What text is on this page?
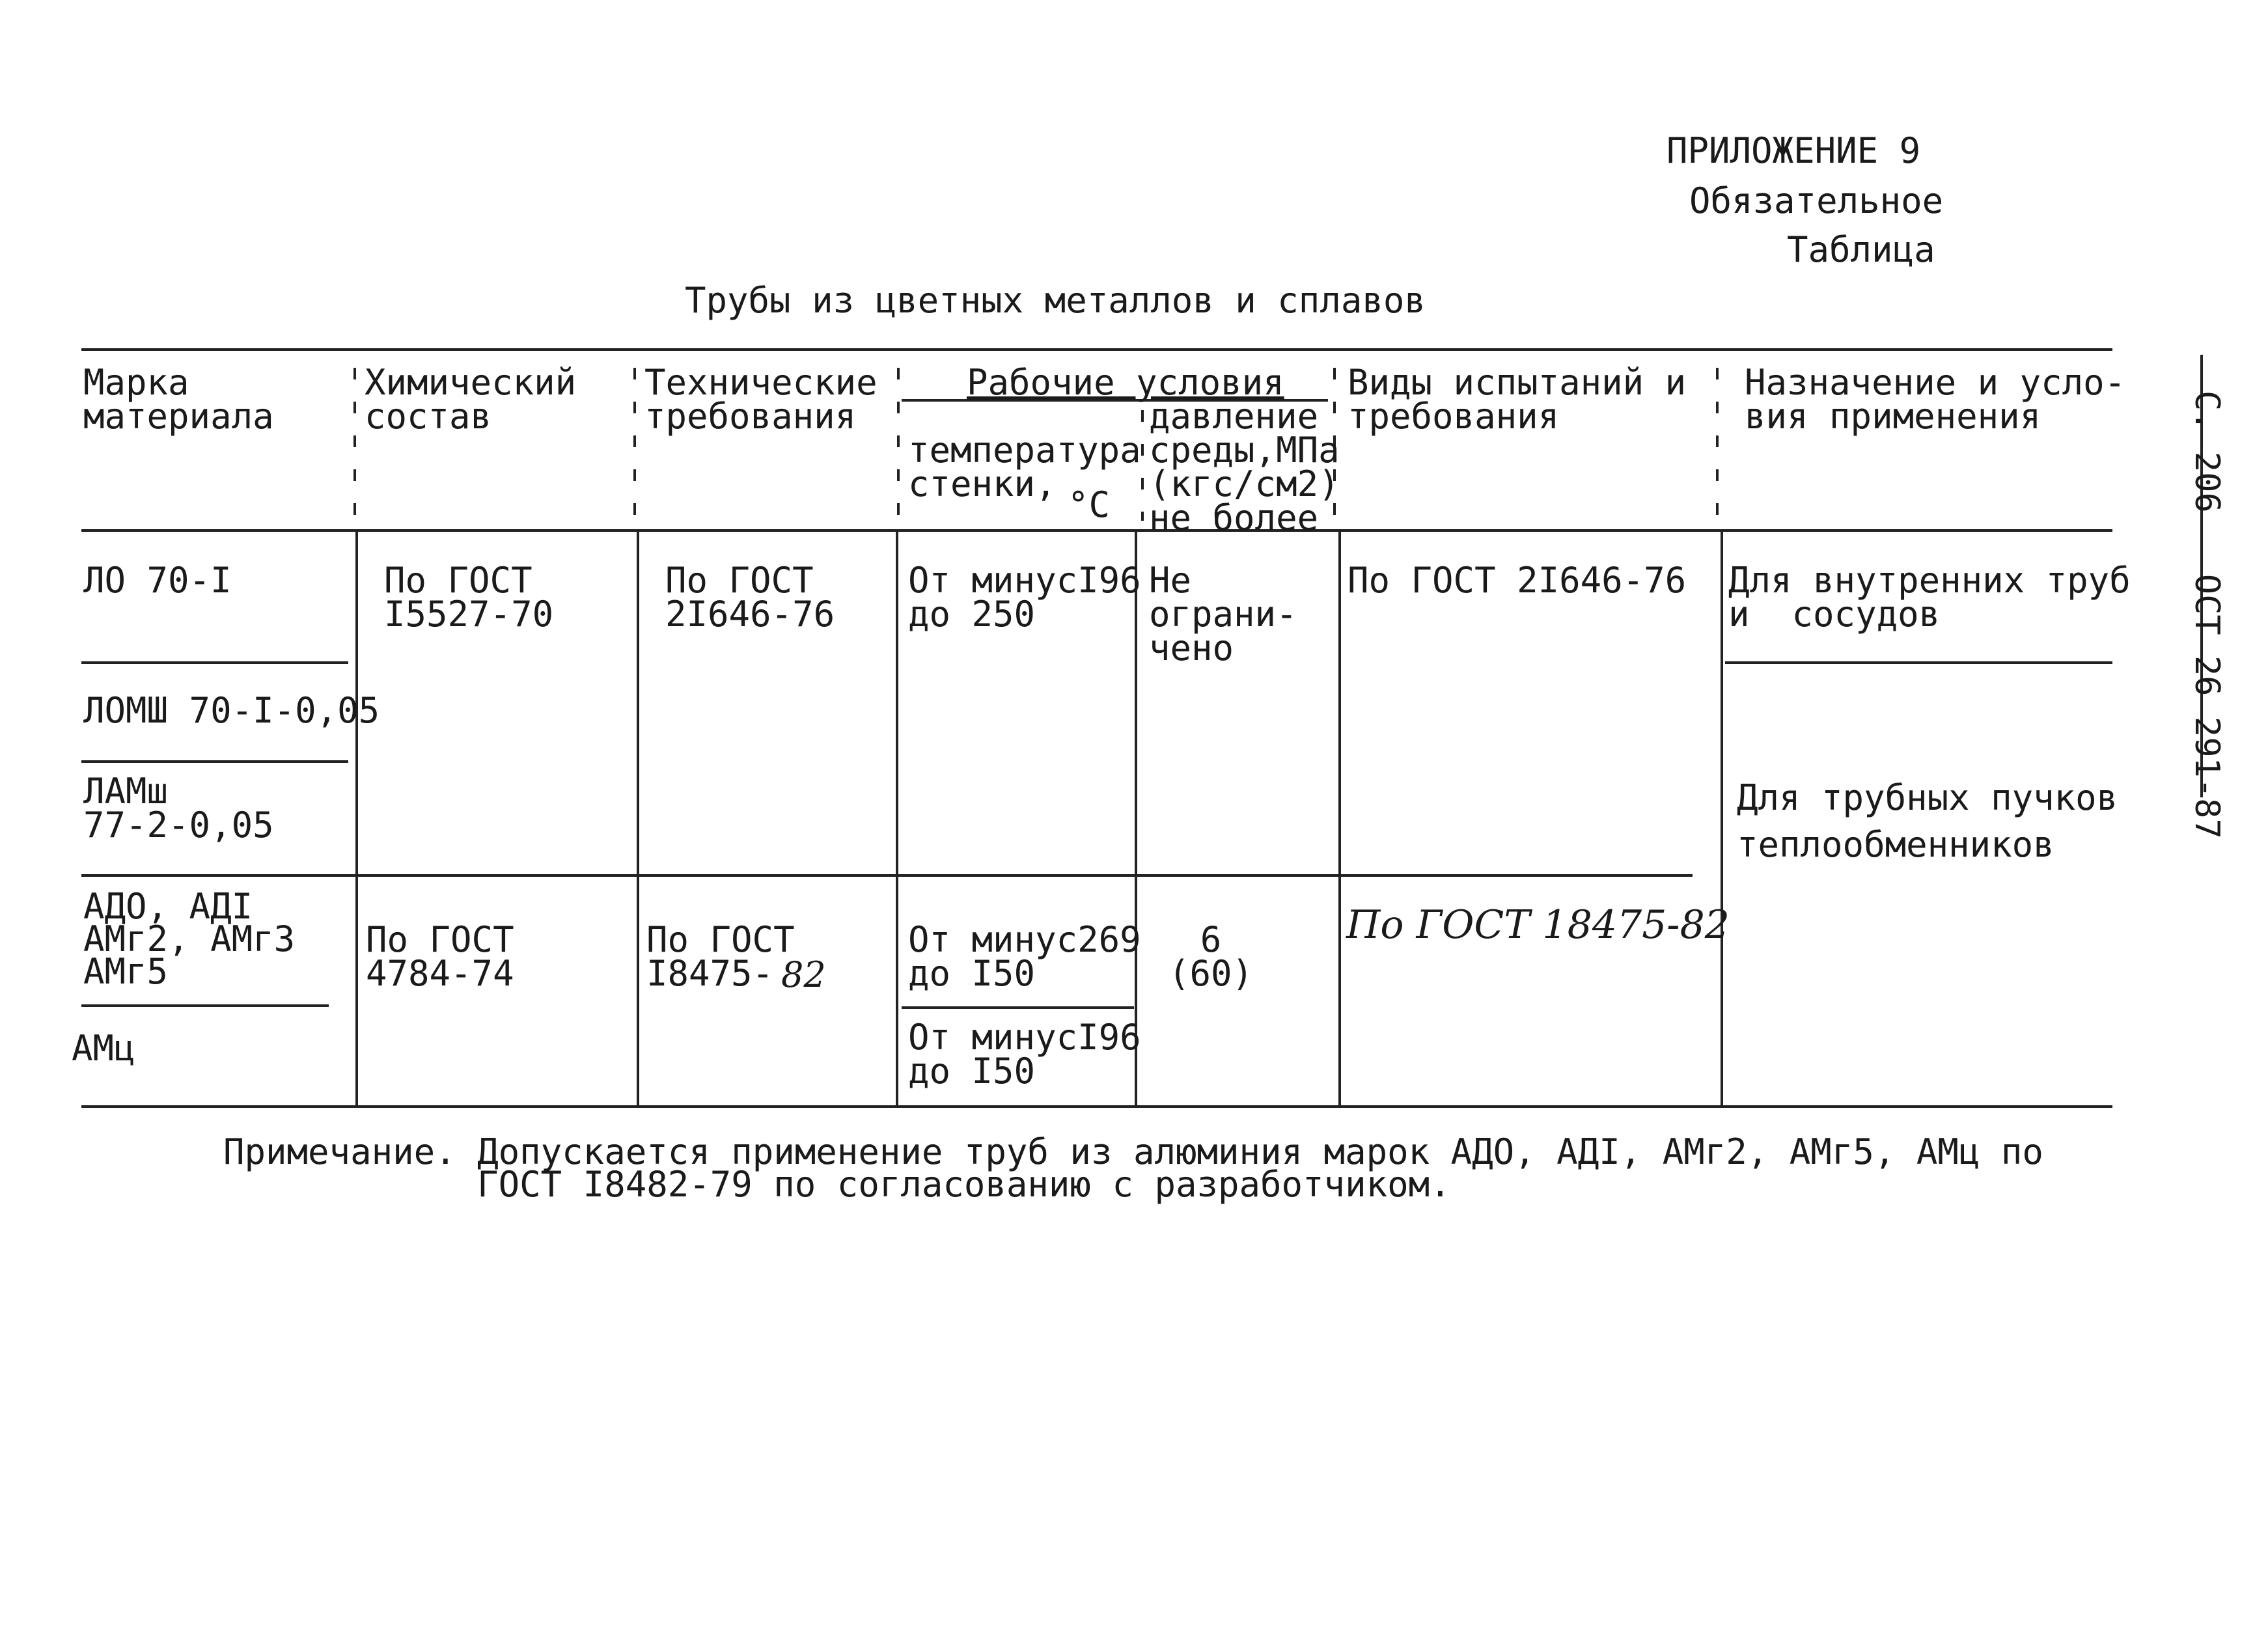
ПРИЛОЖЕНИЕ 9
Обязательное
Таблица
Трубы из цветных металлов и сплавов
С. 206   ОСТ 26 291-87
Марка
материала
Химический
состав
Технические
требования
Рабочие условия
температура
стенки,
°С
давление
среды,МПа
(кгс/см2)
не более
Виды испытаний и
требования
Назначение и усло-
вия применения
ЛО 70-I
ЛОМШ 70-I-0,05
ЛАМш
77-2-0,05
По ГОСТ
I5527-70
По ГОСТ
2I646-76
От минусI96
до 250
Не
ограни-
чено
По ГОСТ 2I646-76 Для внутренних труб
и  сосудов
Для трубных пучков
теплообменников
АДО, АДI
АМг2, АМг3
АМг5
АМц
По ГОСТ
4784-74
По ГОСТ
I8475- 82
От минус269
до I50
От минусI96
до I50
6
(60)
По ГОСТ 18475-82
Примечание. Допускается применение труб из алюминия марок АДО, АДI, АМг2, АМг5, АМц по
ГОСТ I8482-79 по согласованию с разработчиком.
